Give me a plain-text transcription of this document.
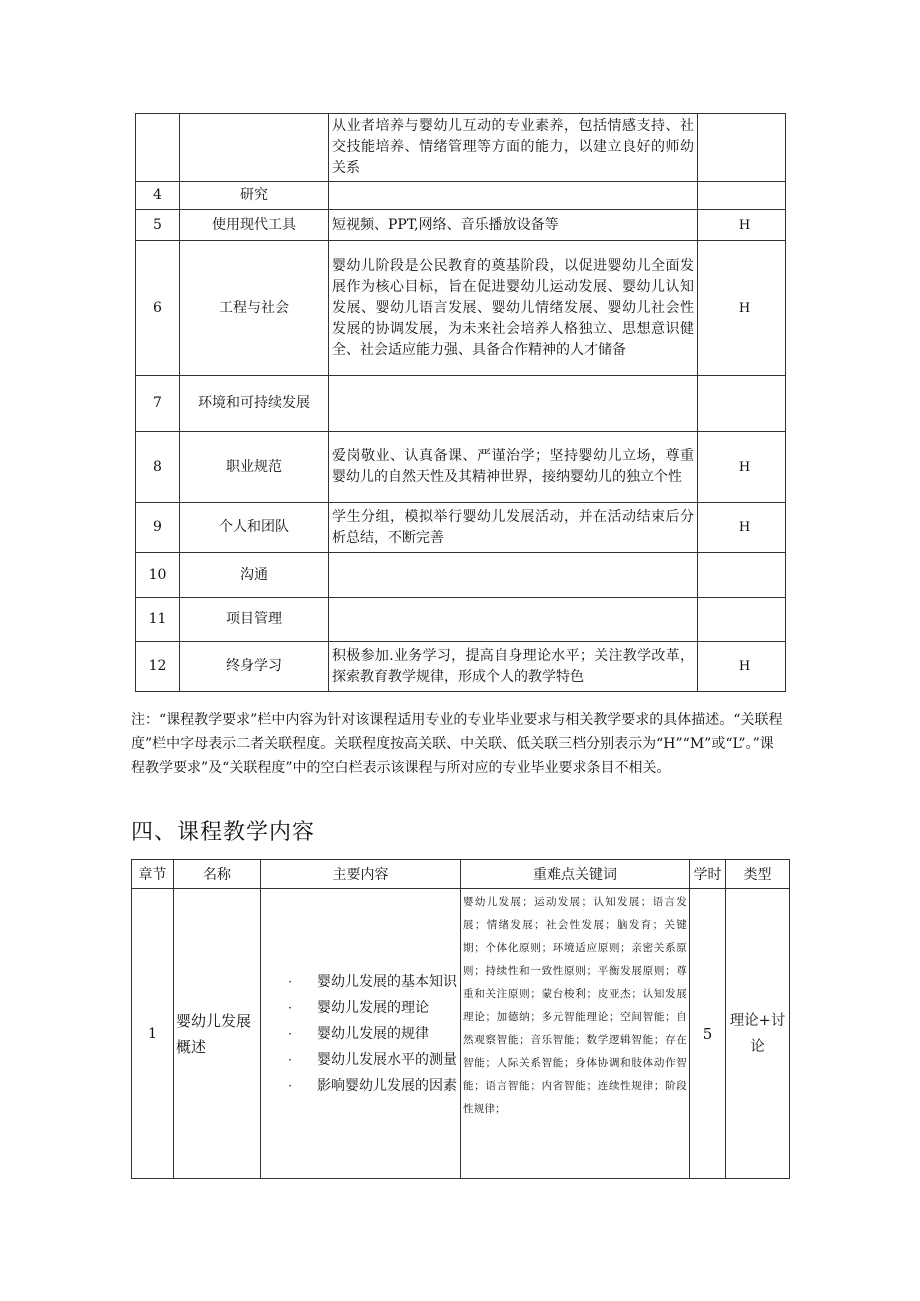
		从业者培养与婴幼儿互动的专业素养，包括情感支持、社交技能培养、情绪管理等方面的能力，以建立良好的师幼关系	
4	研究		
5	使用现代工具	短视频、PPT,网络、音乐播放设备等	H
6	工程与社会	婴幼儿阶段是公民教育的奠基阶段，以促进婴幼儿全面发展作为核心目标，旨在促进婴幼儿运动发展、婴幼儿认知发展、婴幼儿语言发展、婴幼儿情绪发展、婴幼儿社会性发展的协调发展，为未来社会培养人格独立、思想意识健全、社会适应能力强、具备合作精神的人才储备	H
7	环境和可持续发展		
8	职业规范	爱岗敬业、认真备课、严谨治学；坚持婴幼儿立场，尊重婴幼儿的自然天性及其精神世界，接纳婴幼儿的独立个性	H
9	个人和团队	学生分组，模拟举行婴幼儿发展活动，并在活动结束后分析总结，不断完善	H
10	沟通		
11	项目管理		
12	终身学习	积极参加.业务学习，提高自身理论水平；关注教学改革，探索教育教学规律，形成个人的教学特色	H

注：“课程教学要求”栏中内容为针对该课程适用专业的专业毕业要求与相关教学要求的具体描述。“关联程度”栏中字母表示二者关联程度。关联程度按高关联、中关联、低关联三档分别表示为“H”“M”或“L”。”课程教学要求”及“关联程度”中的空白栏表示该课程与所对应的专业毕业要求条目不相关。

四、课程教学内容
章节	名称	主要内容	重难点关键词	学时	类型
1	婴幼儿发展概述	· 婴幼儿发展的基本知识
· 婴幼儿发展的理论
· 婴幼儿发展的规律
· 婴幼儿发展水平的测量
· 影响婴幼儿发展的因素	婴幼儿发展；运动发展；认知发展；语言发展；情绪发展；社会性发展；脑发育；关键期；个体化原则；环境适应原则；亲密关系原则；持续性和一致性原则；平衡发展原则；尊重和关注原则；蒙台梭利；皮亚杰；认知发展理论；加德纳；多元智能理论；空间智能；自然观察智能；音乐智能；数学逻辑智能；存在智能；人际关系智能；身体协调和肢体动作智能；语言智能；内省智能；连续性规律；阶段性规律；	5	理论+讨论
